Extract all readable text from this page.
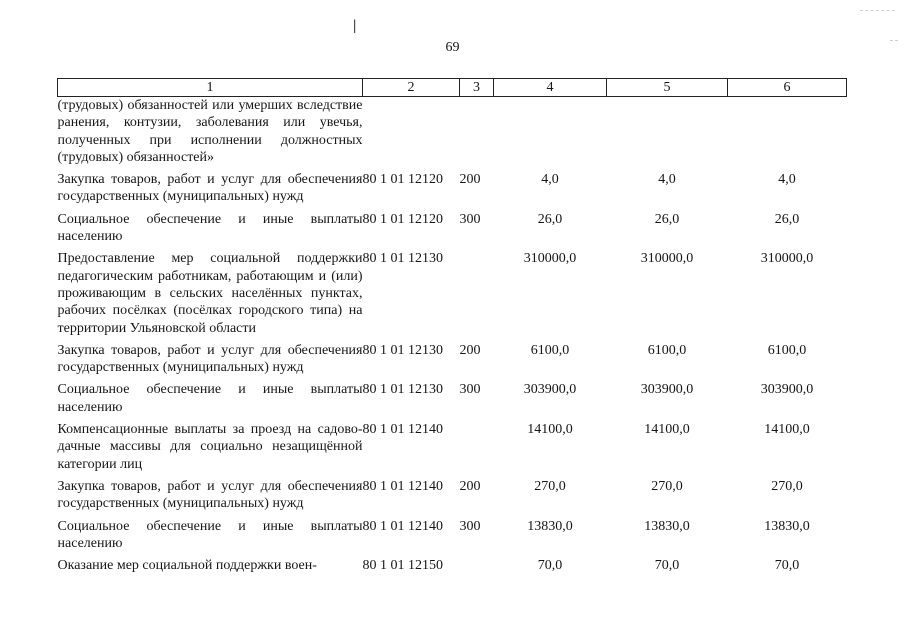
|
69
1	2	3	4	5	6
(трудовых) обязанностей или умерших вследствие ранения, контузии, заболевания или увечья, полученных при исполнении должностных (трудовых) обязанностей»					
Закупка товаров, работ и услуг для обеспечения государственных (муниципальных) нужд	80 1 01 12120	200	4,0	4,0	4,0
Социальное обеспечение и иные выплаты населению	80 1 01 12120	300	26,0	26,0	26,0
Предоставление мер социальной поддержки педагогическим работникам, работающим и (или) проживающим в сельских населённых пунктах, рабочих посёлках (посёлках городского типа) на территории Ульяновской области	80 1 01 12130		310000,0	310000,0	310000,0
Закупка товаров, работ и услуг для обеспечения государственных (муниципальных) нужд	80 1 01 12130	200	6100,0	6100,0	6100,0
Социальное обеспечение и иные выплаты населению	80 1 01 12130	300	303900,0	303900,0	303900,0
Компенсационные выплаты за проезд на садово-дачные массивы для социально незащищённой категории лиц	80 1 01 12140		14100,0	14100,0	14100,0
Закупка товаров, работ и услуг для обеспечения государственных (муниципальных) нужд	80 1 01 12140	200	270,0	270,0	270,0
Социальное обеспечение и иные выплаты населению	80 1 01 12140	300	13830,0	13830,0	13830,0
Оказание мер социальной поддержки воен-	80 1 01 12150		70,0	70,0	70,0
